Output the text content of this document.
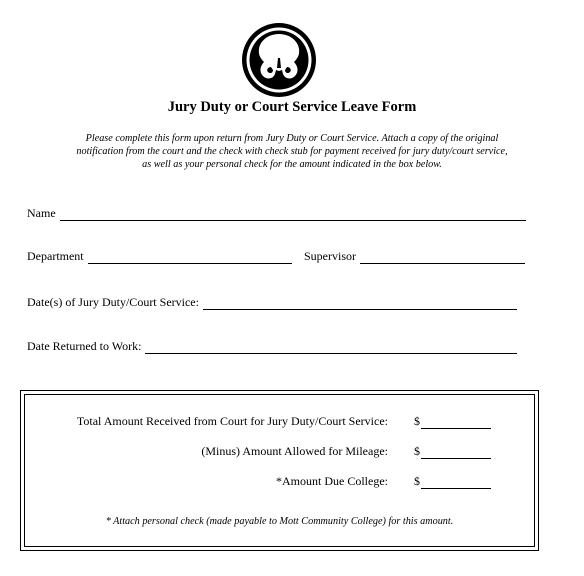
Jury Duty or Court Service Leave Form
Please complete this form upon return from Jury Duty or Court Service. Attach a copy of the original
notification from the court and the check with check stub for payment received for jury duty/court service,
as well as your personal check for the amount indicated in the box below.
Name
Department	Supervisor
Date(s) of Jury Duty/Court Service:
Date Returned to Work:
Total Amount Received from Court for Jury Duty/Court Service: $
(Minus) Amount Allowed for Mileage: $
*Amount Due College: $
* Attach personal check (made payable to Mott Community College) for this amount.
